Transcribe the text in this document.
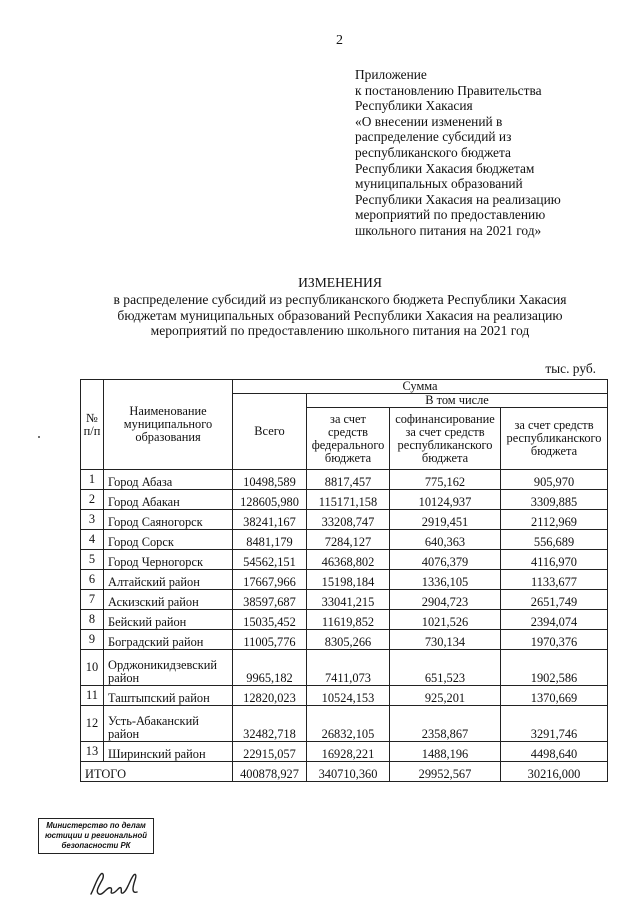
2
Приложение
к постановлению Правительства
Республики Хакасия
«О внесении изменений в
распределение субсидий из
республиканского бюджета
Республики Хакасия бюджетам
муниципальных образований
Республики Хакасия на реализацию
мероприятий по предоставлению
школьного питания на 2021 год»
ИЗМЕНЕНИЯ
в распределение субсидий из республиканского бюджета Республики Хакасия
бюджетам муниципальных образований Республики Хакасия на реализацию
мероприятий по предоставлению школьного питания на 2021 год
тыс. руб.
№ п/п	Наименование муниципального образования	Сумма			
		Всего	В том числе		
			за счет средств федерального бюджета	софинансирование за счет средств республиканского бюджета	за счет средств республиканского бюджета
1	Город Абаза	10498,589	8817,457	775,162	905,970
2	Город Абакан	128605,980	115171,158	10124,937	3309,885
3	Город Саяногорск	38241,167	33208,747	2919,451	2112,969
4	Город Сорск	8481,179	7284,127	640,363	556,689
5	Город Черногорск	54562,151	46368,802	4076,379	4116,970
6	Алтайский район	17667,966	15198,184	1336,105	1133,677
7	Аскизский район	38597,687	33041,215	2904,723	2651,749
8	Бейский район	15035,452	11619,852	1021,526	2394,074
9	Боградский район	11005,776	8305,266	730,134	1970,376
10	Орджоникидзевский район	9965,182	7411,073	651,523	1902,586
11	Таштыпский район	12820,023	10524,153	925,201	1370,669
12	Усть-Абаканский район	32482,718	26832,105	2358,867	3291,746
13	Ширинский район	22915,057	16928,221	1488,196	4498,640
ИТОГО		400878,927	340710,360	29952,567	30216,000
Министерство по делам
юстиции и региональной
безопасности РК
